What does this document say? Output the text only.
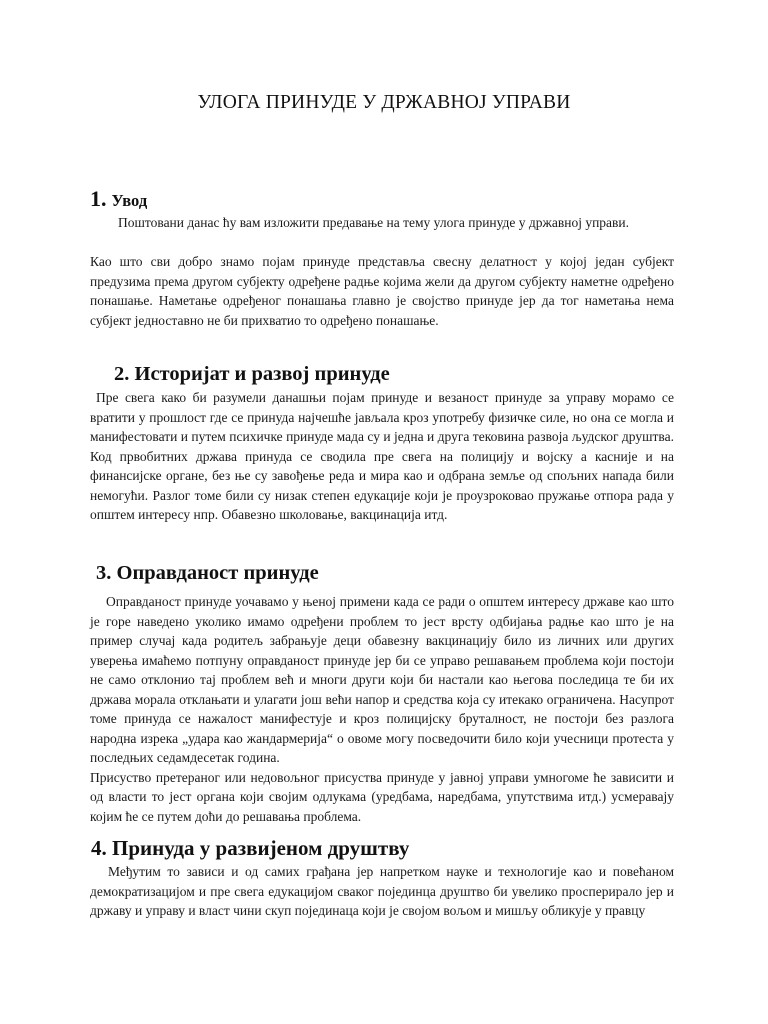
УЛОГА ПРИНУДЕ У ДРЖАВНОЈ УПРАВИ
1. Увод
Поштовани данас ћу вам изложити предавање на тему улога принуде у државној управи.
Као што сви добро знамо појам принуде представља свесну делатност у којој један субјект предузима према другом субјекту одређене радње којима жели да другом субјекту наметне одређено понашање. Наметање одређеног понашања главно је својство принуде јер да тог наметања нема субјект једноставно не би прихватио то одређено понашање.
2. Историјат и развој принуде
Пре свега како би разумели данашњи појам принуде и везаност принуде за управу морамо се вратити у прошлост где се принуда најчешће јављала кроз употребу физичке силе, но она се могла и манифестовати и путем психичке принуде мада су и једна и друга тековина развоја људског друштва. Код првобитних држава принуда се сводила пре свега на полицију и војску а касније и на финансијске органе, без ње су завођење реда и мира као и одбрана земље од спољних напада били немогући. Разлог томе били су низак степен едукације који је проузроковао пружање отпора рада у општем интересу нпр. Обавезно школовање, вакцинација итд.
3. Оправданост принуде
Оправданост принуде уочавамо у њеној примени када се ради о општем интересу државе као што је горе наведено уколико имамо одређени проблем то јест врсту одбијања радње као што је на пример случај када родитељ забрањује деци обавезну вакцинацију било из личних или других уверења имаћемо потпуну оправданост принуде јер би се управо решавањем проблема који постоји не само отклонио тај проблем већ и многи други који би настали као његова последица те би их држава морала отклањати и улагати још већи напор и средства која су итекако ограничена. Насупрот томе принуда се нажалост манифестује и кроз полицијску бруталност, не постоји без разлога народна изрека „удара као жандармерија“ о овоме могу посведочити било који учесници протеста у последњих седамдесетак година.
Присуство претераног или недовољног присуства принуде у јавној управи умногоме ће зависити и од власти то јест органа који својим одлукама (уредбама, наредбама, упутствима итд.) усмеравају којим ће се путем доћи до решавања проблема.
4. Принуда у развијеном друштву
Међутим то зависи и од самих грађана јер напретком науке и технологије као и повећаном демократизацијом и пре свега едукацијом сваког појединца друштво би увелико просперирало јер и државу и управу и власт чини скуп појединаца који је својом вољом и мишљу обликује у правцу
